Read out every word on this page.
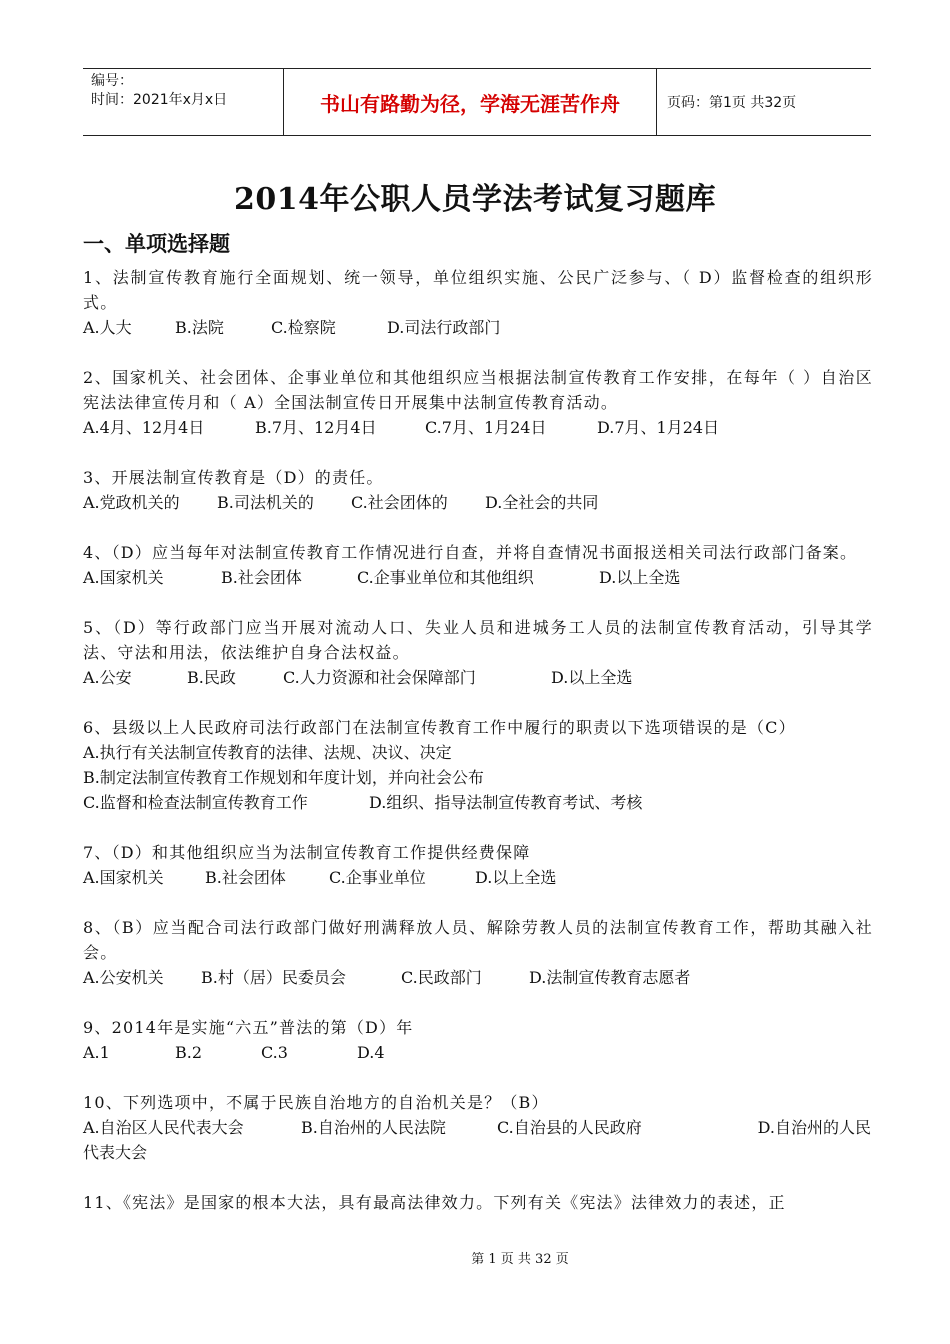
编号：
时间：2021年x月x日	书山有路勤为径，学海无涯苦作舟	页码：第1页 共32页
2014年公职人员学法考试复习题库
一、单项选择题
1、法制宣传教育施行全面规划、统一领导，单位组织实施、公民广泛参与、（ D）监督检查的组织形式。
A.人大	B.法院	C.检察院	D.司法行政部门
2、国家机关、社会团体、企事业单位和其他组织应当根据法制宣传教育工作安排，在每年（ ）自治区宪法法律宣传月和（ A）全国法制宣传日开展集中法制宣传教育活动。
A.4月、12月4日	B.7月、12月4日	C.7月、1月24日	D.7月、1月24日
3、开展法制宣传教育是（D）的责任。
A.党政机关的 B.司法机关的 C.社会团体的 D.全社会的共同
4、（D）应当每年对法制宣传教育工作情况进行自查，并将自查情况书面报送相关司法行政部门备案。
A.国家机关	B.社会团体	C.企事业单位和其他组织	D.以上全选
5、（D）等行政部门应当开展对流动人口、失业人员和进城务工人员的法制宣传教育活动，引导其学法、守法和用法，依法维护自身合法权益。
A.公安	B.民政	C.人力资源和社会保障部门	D.以上全选
6、县级以上人民政府司法行政部门在法制宣传教育工作中履行的职责以下选项错误的是（C）
A.执行有关法制宣传教育的法律、法规、决议、决定
B.制定法制宣传教育工作规划和年度计划，并向社会公布
C.监督和检查法制宣传教育工作	D.组织、指导法制宣传教育考试、考核
7、（D）和其他组织应当为法制宣传教育工作提供经费保障
A.国家机关	B.社会团体	C.企事业单位	D.以上全选
8、（B）应当配合司法行政部门做好刑满释放人员、解除劳教人员的法制宣传教育工作，帮助其融入社会。
A.公安机关 B.村（居）民委员会	C.民政部门	D.法制宣传教育志愿者
9、2014年是实施“六五”普法的第（D）年
A.1	B.2	C.3	D.4
10、下列选项中，不属于民族自治地方的自治机关是？（B）
A.自治区人民代表大会	B.自治州的人民法院	C.自治县的人民政府	D.自治州的人民
代表大会
11、《宪法》是国家的根本大法，具有最高法律效力。下列有关《宪法》法律效力的表述，正
第 1 页 共 32 页
